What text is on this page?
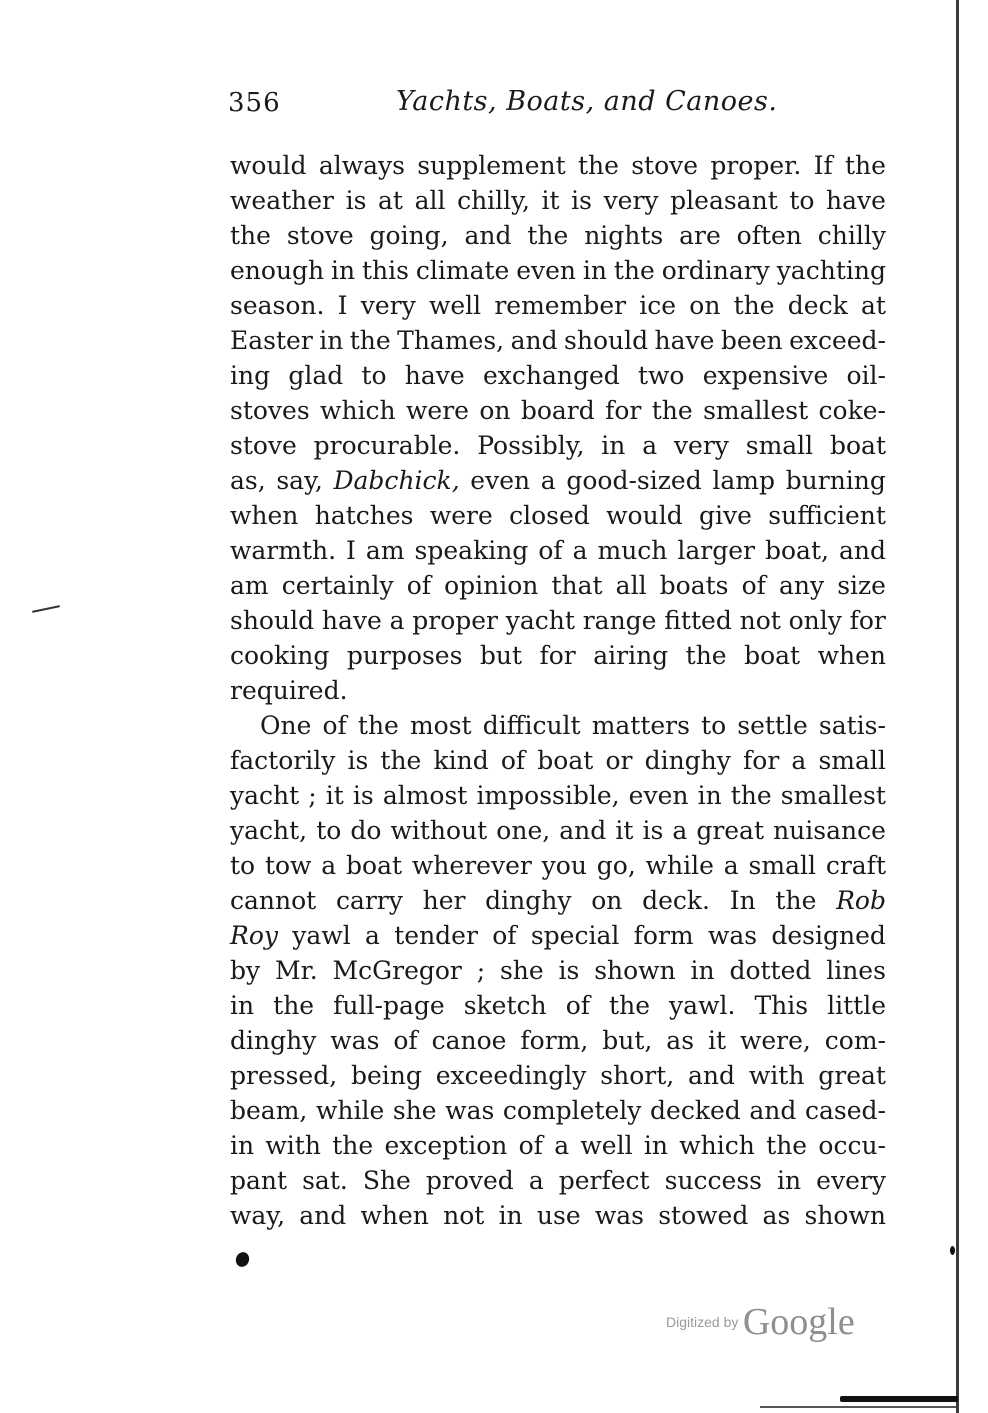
356	Yachts, Boats, and Canoes.
would always supplement the stove proper. If the
weather is at all chilly, it is very pleasant to have
the stove going, and the nights are often chilly
enough in this climate even in the ordinary yachting
season. I very well remember ice on the deck at
Easter in the Thames, and should have been exceed-
ing glad to have exchanged two expensive oil-
stoves which were on board for the smallest coke-
stove procurable. Possibly, in a very small boat
as, say, Dabchick, even a good-sized lamp burning
when hatches were closed would give sufficient
warmth. I am speaking of a much larger boat, and
am certainly of opinion that all boats of any size
should have a proper yacht range fitted not only for
cooking purposes but for airing the boat when
required.
One of the most difficult matters to settle satis-
factorily is the kind of boat or dinghy for a small
yacht ; it is almost impossible, even in the smallest
yacht, to do without one, and it is a great nuisance
to tow a boat wherever you go, while a small craft
cannot carry her dinghy on deck. In the Rob
Roy yawl a tender of special form was designed
by Mr. McGregor ; she is shown in dotted lines
in the full-page sketch of the yawl. This little
dinghy was of canoe form, but, as it were, com-
pressed, being exceedingly short, and with great
beam, while she was completely decked and cased-
in with the exception of a well in which the occu-
pant sat. She proved a perfect success in every
way, and when not in use was stowed as shown
Digitized by Google
